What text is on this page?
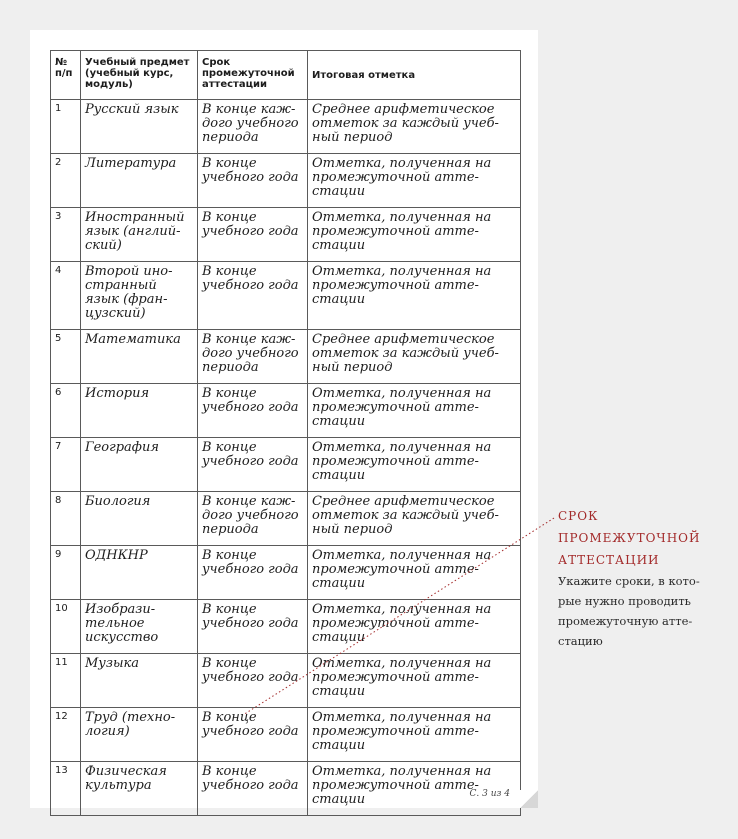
№ п/п	Учебный предмет (учебный курс, модуль)	Срок промежуточной аттестации	Итоговая отметка
1	Русский язык	В конце каж-дого учебного периода	Среднее арифметическое отметок за каждый учеб-ный период
2	Литература	В конце учебного года	Отметка, полученная на промежуточной атте-стации
3	Иностранный язык (англий-ский)	В конце учебного года	Отметка, полученная на промежуточной атте-стации
4	Второй ино-странный язык (фран-цузский)	В конце учебного года	Отметка, полученная на промежуточной атте-стации
5	Математика	В конце каж-дого учебного периода	Среднее арифметическое отметок за каждый учеб-ный период
6	История	В конце учебного года	Отметка, полученная на промежуточной атте-стации
7	География	В конце учебного года	Отметка, полученная на промежуточной атте-стации
8	Биология	В конце каж-дого учебного периода	Среднее арифметическое отметок за каждый учеб-ный период
9	ОДНКНР	В конце учебного года	Отметка, полученная на промежуточной атте-стации
10	Изобрази-тельное искусство	В конце учебного года	Отметка, полученная на промежуточной атте-стации
11	Музыка	В конце учебного года	Отметка, полученная на промежуточной атте-стации
12	Труд (техно-логия)	В конце учебного года	Отметка, полученная на промежуточной атте-стации
13	Физическая культура	В конце учебного года	Отметка, полученная на промежуточной атте-стации	С. 3 из 4
СРОК
ПРОМЕЖУТОЧНОЙ
АТТЕСТАЦИИ
Укажите сроки, в кото-
рые нужно проводить
промежуточную атте-
стацию
